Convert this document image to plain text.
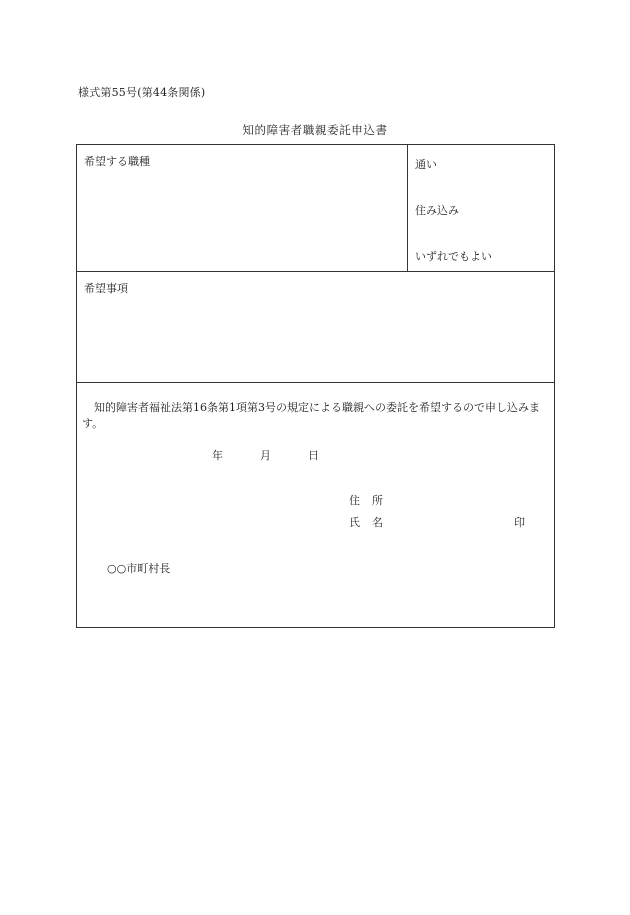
様式第55号(第44条関係)
知的障害者職親委託申込書
希望する職種	通い
住み込み
いずれでもよい
希望事項

知的障害者福祉法第16条第1項第3号の規定による職親への委託を希望するので申し込みます。

年	月	日
住所
氏名	印
○○市町村長
